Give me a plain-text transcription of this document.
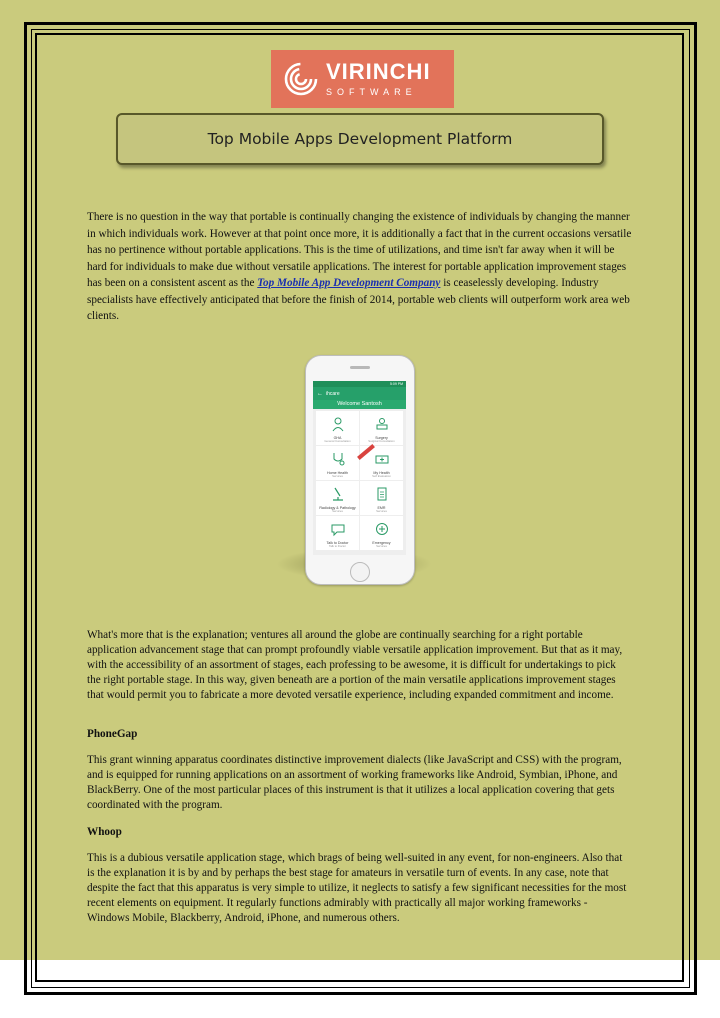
VIRINCHI
SOFTWARE
Top Mobile Apps Development Platform

There is no question in the way that portable is continually changing the existence of individuals by changing the manner in which individuals work. However at that point once more, it is additionally a fact that in the current occasions versatile has no pertinence without portable applications. This is the time of utilizations, and time isn't far away when it will be hard for individuals to make due without versatile applications. The interest for portable application improvement stages has been on a consistent ascent as the Top Mobile App Development Company is ceaselessly developing. Industry specialists have effectively anticipated that before the finish of 2014, portable web clients will outperform work area web clients.

5:09 PM
← ihcare
Welcome Santosh
GHA
General Consultation
Surgery
Surgical Consultation
Home Health
Services
My Health
Self Evaluation
Radiology & Pathology
Services
EMR
Services
Talk to Doctor
Talk to Doctor
Emergency
Services

What's more that is the explanation; ventures all around the globe are continually searching for a right portable application advancement stage that can prompt profoundly viable versatile application improvement. But that as it may, with the accessibility of an assortment of stages, each professing to be awesome, it is difficult for undertakings to pick the right portable stage. In this way, given beneath are a portion of the main versatile applications improvement stages that would permit you to fabricate a more devoted versatile experience, including expanded commitment and income.

PhoneGap

This grant winning apparatus coordinates distinctive improvement dialects (like JavaScript and CSS) with the program, and is equipped for running applications on an assortment of working frameworks like Android, Symbian, iPhone, and BlackBerry. One of the most particular places of this instrument is that it utilizes a local application covering that gets coordinated with the program.

Whoop

This is a dubious versatile application stage, which brags of being well-suited in any event, for non-engineers. Also that is the explanation it is by and by perhaps the best stage for amateurs in versatile turn of events. In any case, note that despite the fact that this apparatus is very simple to utilize, it neglects to satisfy a few significant necessities for the most recent elements on equipment. It regularly functions admirably with practically all major working frameworks - Windows Mobile, Blackberry, Android, iPhone, and numerous others.
